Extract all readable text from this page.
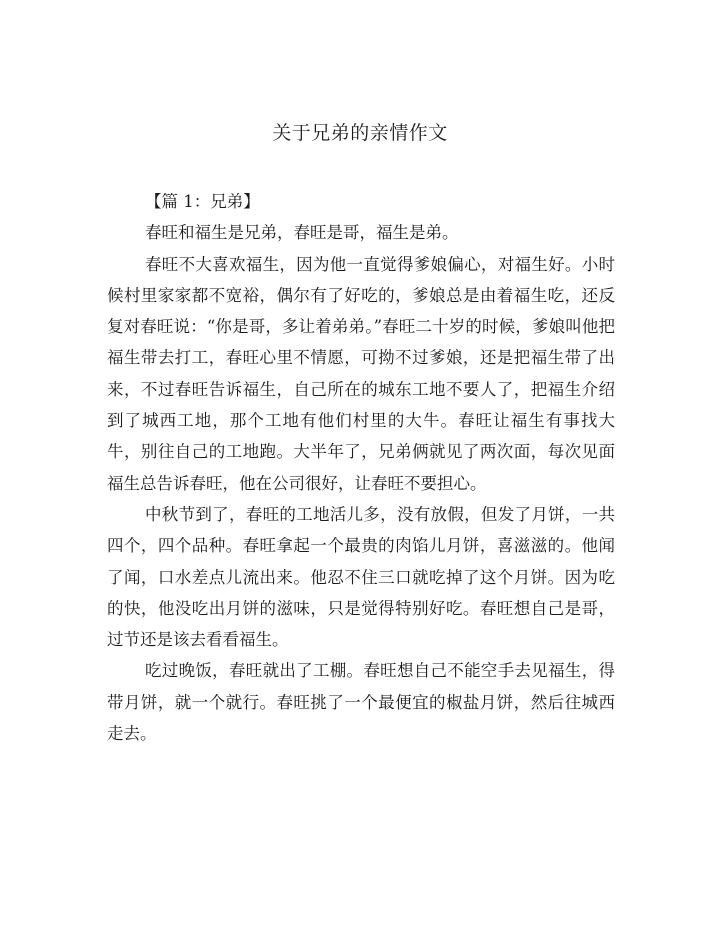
关于兄弟的亲情作文

【篇 1：兄弟】

春旺和福生是兄弟，春旺是哥，福生是弟。

春旺不大喜欢福生，因为他一直觉得爹娘偏心，对福生好。小时候村里家家都不宽裕，偶尔有了好吃的，爹娘总是由着福生吃，还反复对春旺说：“你是哥，多让着弟弟。”春旺二十岁的时候，爹娘叫他把福生带去打工，春旺心里不情愿，可拗不过爹娘，还是把福生带了出来，不过春旺告诉福生，自己所在的城东工地不要人了，把福生介绍到了城西工地，那个工地有他们村里的大牛。春旺让福生有事找大牛，别往自己的工地跑。大半年了，兄弟俩就见了两次面，每次见面福生总告诉春旺，他在公司很好，让春旺不要担心。

中秋节到了，春旺的工地活儿多，没有放假，但发了月饼，一共四个，四个品种。春旺拿起一个最贵的肉馅儿月饼，喜滋滋的。他闻了闻，口水差点儿流出来。他忍不住三口就吃掉了这个月饼。因为吃的快，他没吃出月饼的滋味，只是觉得特别好吃。春旺想自己是哥，过节还是该去看看福生。

吃过晚饭，春旺就出了工棚。春旺想自己不能空手去见福生，得带月饼，就一个就行。春旺挑了一个最便宜的椒盐月饼，然后往城西走去。
